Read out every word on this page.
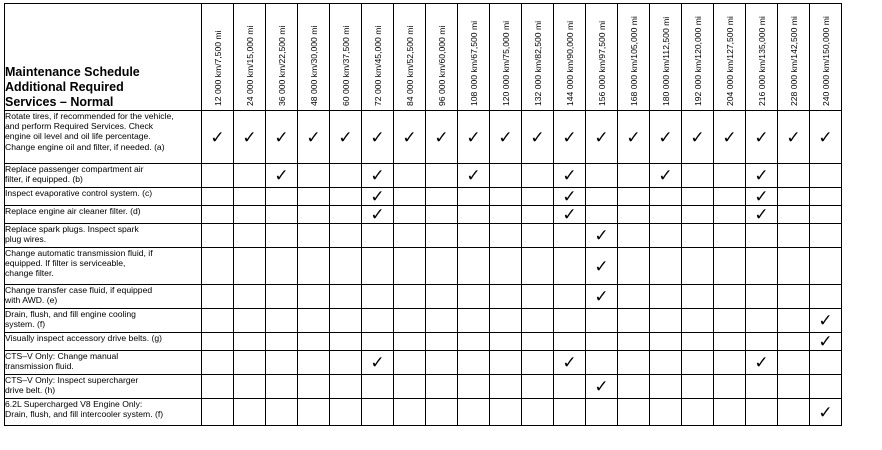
Maintenance Schedule
Additional Required
Services – Normal	12 000 km/7,500 mi	24 000 km/15,000 mi	36 000 km/22,500 mi	48 000 km/30,000 mi	60 000 km/37,500 mi	72 000 km/45,000 mi	84 000 km/52,500 mi	96 000 km/60,000 mi	108 000 km/67,500 mi	120 000 km/75,000 mi	132 000 km/82,500 mi	144 000 km/90,000 mi	156 000 km/97,500 mi	168 000 km/105,000 mi	180 000 km/112,500 mi	192 000 km/120,000 mi	204 000 km/127,500 mi	216 000 km/135,000 mi	228 000 km/142,500 mi	240 000 km/150,000 mi

Rotate tires, if recommended for the vehicle,
and perform Required Services. Check
engine oil level and oil life percentage.
Change engine oil and filter, if needed. (a)	✓	✓	✓	✓	✓	✓	✓	✓	✓	✓	✓	✓	✓	✓	✓	✓	✓	✓	✓	✓

Replace passenger compartment air
filter, if equipped. (b)			✓			✓			✓			✓			✓			✓		

Inspect evaporative control system. (c)						✓						✓						✓		

Replace engine air cleaner filter. (d)						✓						✓						✓		

Replace spark plugs. Inspect spark
plug wires.													✓							

Change automatic transmission fluid, if
equipped. If filter is serviceable,
change filter.													✓							

Change transfer case fluid, if equipped
with AWD. (e)													✓							

Drain, flush, and fill engine cooling
system. (f)																				✓

Visually inspect accessory drive belts. (g)																				✓

CTS–V Only: Change manual
transmission fluid.						✓						✓						✓		

CTS–V Only: Inspect supercharger
drive belt. (h)													✓							

6.2L Supercharged V8 Engine Only:
Drain, flush, and fill intercooler system. (f)																				✓
